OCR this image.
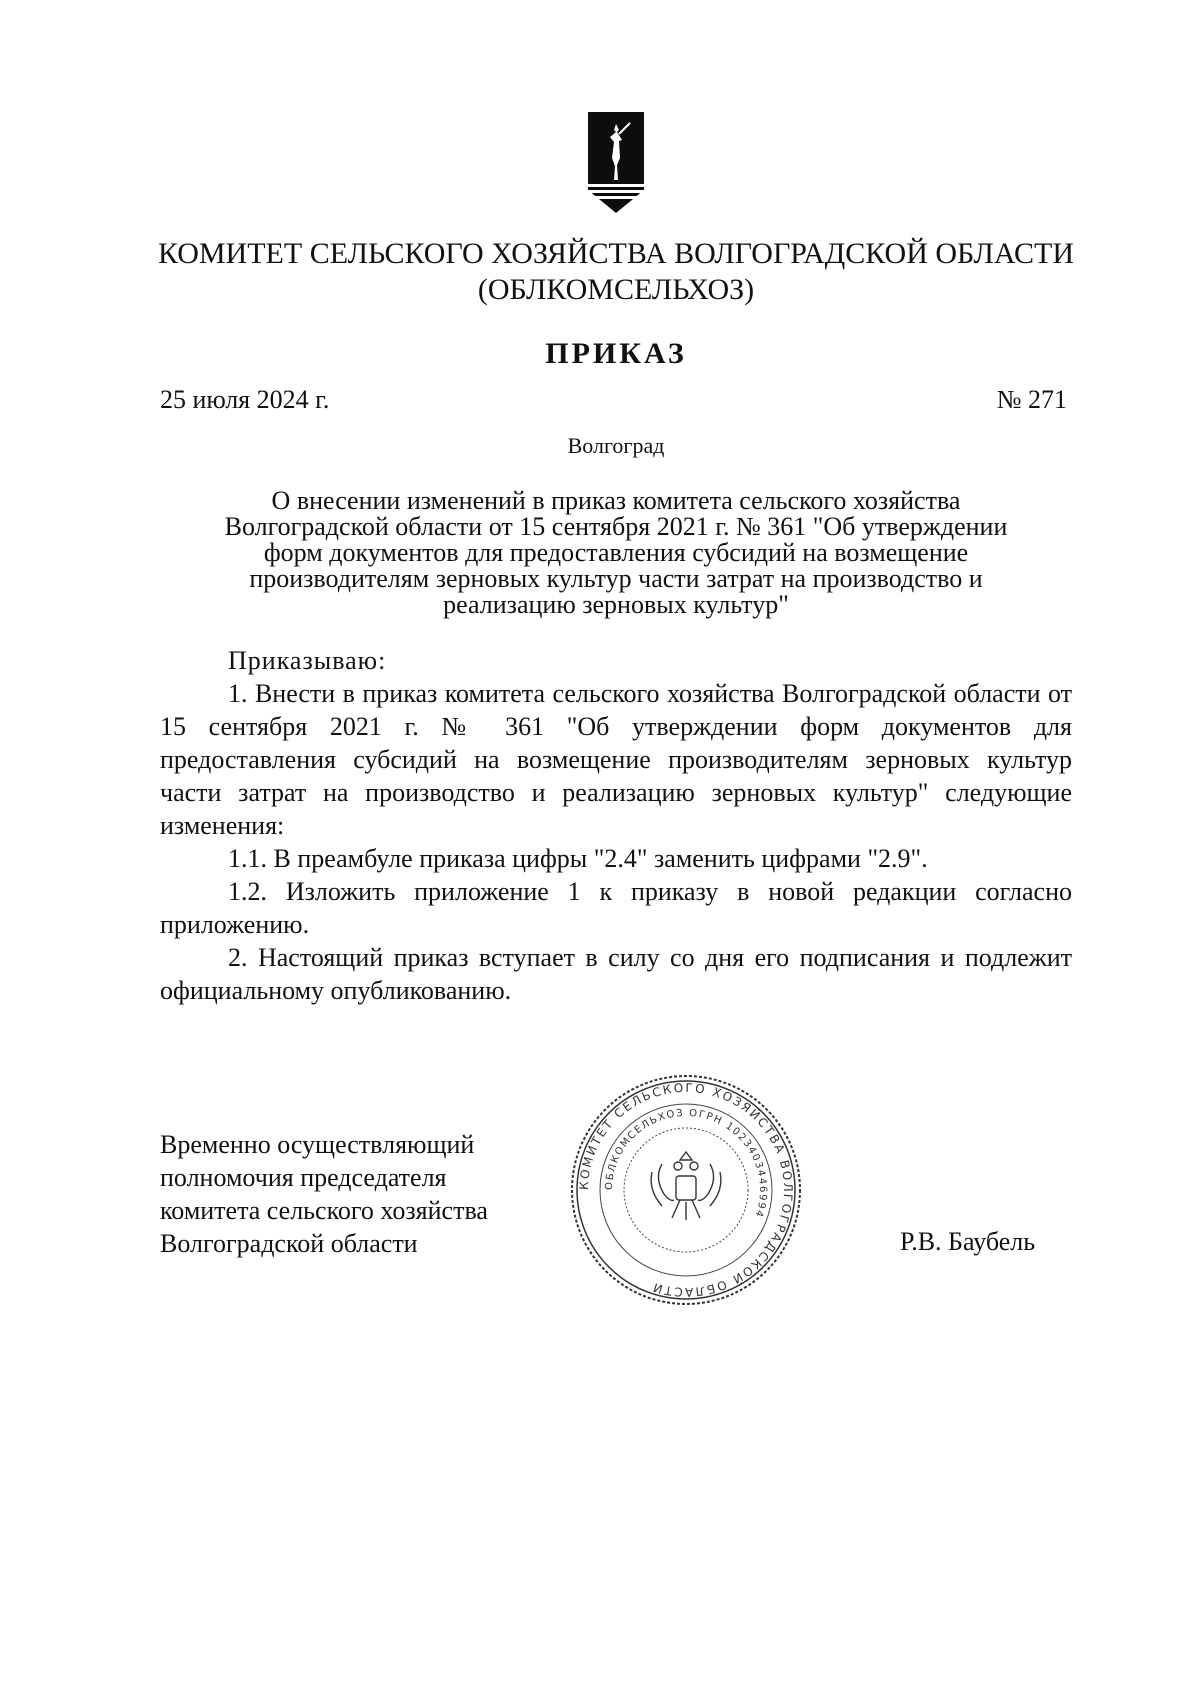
КОМИТЕТ СЕЛЬСКОГО ХОЗЯЙСТВА ВОЛГОГРАДСКОЙ ОБЛАСТИ
(ОБЛКОМСЕЛЬХОЗ)
ПРИКАЗ
25 июля 2024 г.	№ 271
Волгоград
О внесении изменений в приказ комитета сельского хозяйства
Волгоградской области от 15 сентября 2021 г. № 361 "Об утверждении
форм документов для предоставления субсидий на возмещение
производителям зерновых культур части затрат на производство и
реализацию зерновых культур"

Приказываю:

1. Внести в приказ комитета сельского хозяйства Волгоградской области от 15 сентября 2021 г. № 361 "Об утверждении форм документов для предоставления субсидий на возмещение производителям зерновых культур части затрат на производство и реализацию зерновых культур" следующие изменения:

1.1. В преамбуле приказа цифры "2.4" заменить цифрами "2.9".

1.2. Изложить приложение 1 к приказу в новой редакции согласно приложению.

2. Настоящий приказ вступает в силу со дня его подписания и подлежит официальному опубликованию.

Временно осуществляющий
полномочия председателя
комитета сельского хозяйства
Волгоградской области
КОМИТЕТ СЕЛЬСКОГО ХОЗЯЙСТВА ВОЛГОГРАДСКОЙ ОБЛАСТИ
ОБЛКОМСЕЛЬХОЗ ОГРН 1023403446994
Р.В. Баубель
